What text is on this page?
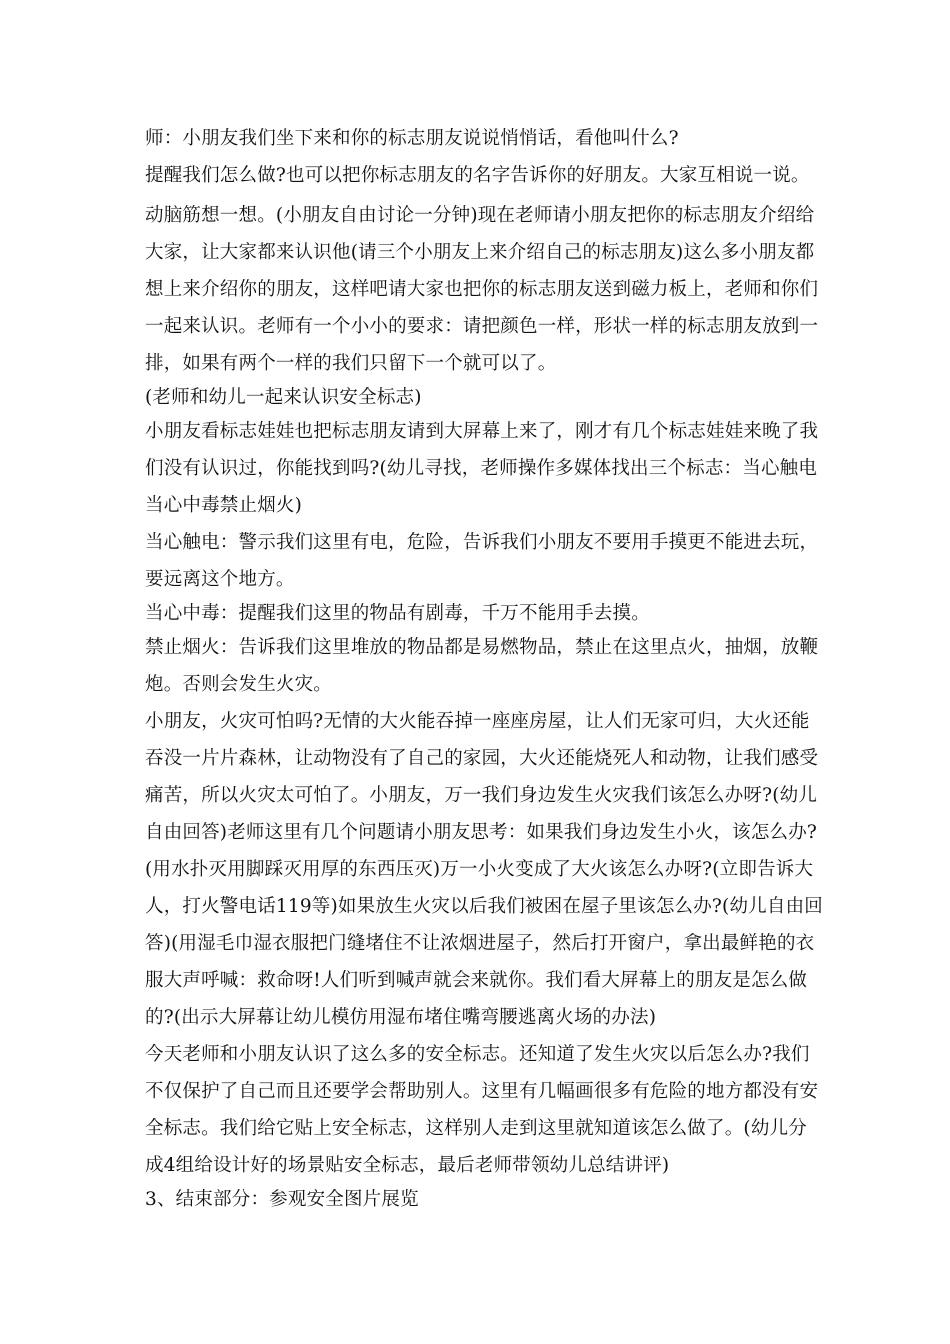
师：小朋友我们坐下来和你的标志朋友说说悄悄话，看他叫什么?

提醒我们怎么做?也可以把你标志朋友的名字告诉你的好朋友。大家互相说一说。

动脑筋想一想。(小朋友自由讨论一分钟)现在老师请小朋友把你的标志朋友介绍给大家，让大家都来认识他(请三个小朋友上来介绍自己的标志朋友)这么多小朋友都想上来介绍你的朋友，这样吧请大家也把你的标志朋友送到磁力板上，老师和你们一起来认识。老师有一个小小的要求：请把颜色一样，形状一样的标志朋友放到一排，如果有两个一样的我们只留下一个就可以了。

(老师和幼儿一起来认识安全标志)

小朋友看标志娃娃也把标志朋友请到大屏幕上来了，刚才有几个标志娃娃来晚了我们没有认识过，你能找到吗?(幼儿寻找，老师操作多媒体找出三个标志：当心触电当心中毒禁止烟火)

当心触电：警示我们这里有电，危险，告诉我们小朋友不要用手摸更不能进去玩，要远离这个地方。

当心中毒：提醒我们这里的物品有剧毒，千万不能用手去摸。

禁止烟火：告诉我们这里堆放的物品都是易燃物品，禁止在这里点火，抽烟，放鞭炮。否则会发生火灾。

小朋友，火灾可怕吗?无情的大火能吞掉一座座房屋，让人们无家可归，大火还能吞没一片片森林，让动物没有了自己的家园，大火还能烧死人和动物，让我们感受痛苦，所以火灾太可怕了。小朋友，万一我们身边发生火灾我们该怎么办呀?(幼儿自由回答)老师这里有几个问题请小朋友思考：如果我们身边发生小火，该怎么办?(用水扑灭用脚踩灭用厚的东西压灭)万一小火变成了大火该怎么办呀?(立即告诉大人，打火警电话119等)如果放生火灾以后我们被困在屋子里该怎么办?(幼儿自由回答)(用湿毛巾湿衣服把门缝堵住不让浓烟进屋子，然后打开窗户，拿出最鲜艳的衣服大声呼喊：救命呀!人们听到喊声就会来就你。我们看大屏幕上的朋友是怎么做的?(出示大屏幕让幼儿模仿用湿布堵住嘴弯腰逃离火场的办法)

今天老师和小朋友认识了这么多的安全标志。还知道了发生火灾以后怎么办?我们不仅保护了自己而且还要学会帮助别人。这里有几幅画很多有危险的地方都没有安全标志。我们给它贴上安全标志，这样别人走到这里就知道该怎么做了。(幼儿分成4组给设计好的场景贴安全标志，最后老师带领幼儿总结讲评)

3、结束部分：参观安全图片展览
